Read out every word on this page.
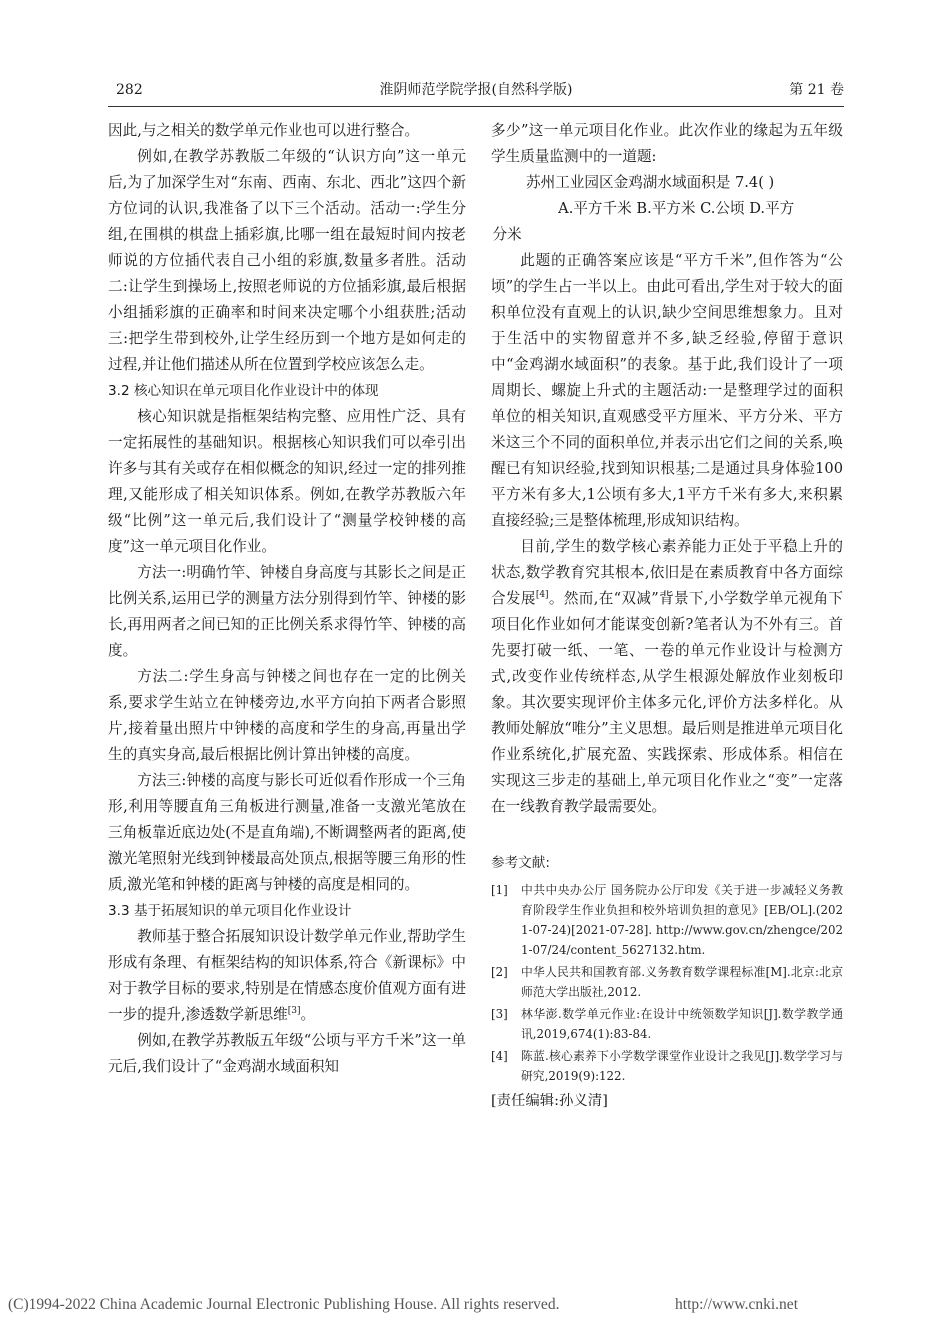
282	淮阴师范学院学报(自然科学版)	第 21 卷

因此,与之相关的数学单元作业也可以进行整合。

例如,在教学苏教版二年级的“认识方向”这一单元后,为了加深学生对“东南、西南、东北、西北”这四个新方位词的认识,我准备了以下三个活动。活动一:学生分组,在围棋的棋盘上插彩旗,比哪一组在最短时间内按老师说的方位插代表自己小组的彩旗,数量多者胜。活动二:让学生到操场上,按照老师说的方位插彩旗,最后根据小组插彩旗的正确率和时间来决定哪个小组获胜;活动三:把学生带到校外,让学生经历到一个地方是如何走的过程,并让他们描述从所在位置到学校应该怎么走。

3.2 核心知识在单元项目化作业设计中的体现

核心知识就是指框架结构完整、应用性广泛、具有一定拓展性的基础知识。根据核心知识我们可以牵引出许多与其有关或存在相似概念的知识,经过一定的排列推理,又能形成了相关知识体系。例如,在教学苏教版六年级“比例”这一单元后,我们设计了“测量学校钟楼的高度”这一单元项目化作业。

方法一:明确竹竿、钟楼自身高度与其影长之间是正比例关系,运用已学的测量方法分别得到竹竿、钟楼的影长,再用两者之间已知的正比例关系求得竹竿、钟楼的高度。

方法二:学生身高与钟楼之间也存在一定的比例关系,要求学生站立在钟楼旁边,水平方向拍下两者合影照片,接着量出照片中钟楼的高度和学生的身高,再量出学生的真实身高,最后根据比例计算出钟楼的高度。

方法三:钟楼的高度与影长可近似看作形成一个三角形,利用等腰直角三角板进行测量,准备一支激光笔放在三角板靠近底边处(不是直角端),不断调整两者的距离,使激光笔照射光线到钟楼最高处顶点,根据等腰三角形的性质,激光笔和钟楼的距离与钟楼的高度是相同的。

3.3 基于拓展知识的单元项目化作业设计

教师基于整合拓展知识设计数学单元作业,帮助学生形成有条理、有框架结构的知识体系,符合《新课标》中对于教学目标的要求,特别是在情感态度价值观方面有进一步的提升,渗透数学新思维[3]。

例如,在教学苏教版五年级“公顷与平方千米”这一单元后,我们设计了“金鸡湖水域面积知

多少”这一单元项目化作业。此次作业的缘起为五年级学生质量监测中的一道题:

苏州工业园区金鸡湖水域面积是 7.4( )

A.平方千米 B.平方米 C.公顷 D.平方

分米

此题的正确答案应该是“平方千米”,但作答为“公顷”的学生占一半以上。由此可看出,学生对于较大的面积单位没有直观上的认识,缺少空间思维想象力。且对于生活中的实物留意并不多,缺乏经验,停留于意识中“金鸡湖水域面积”的表象。基于此,我们设计了一项周期长、螺旋上升式的主题活动:一是整理学过的面积单位的相关知识,直观感受平方厘米、平方分米、平方米这三个不同的面积单位,并表示出它们之间的关系,唤醒已有知识经验,找到知识根基;二是通过具身体验100平方米有多大,1公顷有多大,1平方千米有多大,来积累直接经验;三是整体梳理,形成知识结构。

目前,学生的数学核心素养能力正处于平稳上升的状态,数学教育究其根本,依旧是在素质教育中各方面综合发展[4]。然而,在“双减”背景下,小学数学单元视角下项目化作业如何才能谋变创新?笔者认为不外有三。首先要打破一纸、一笔、一卷的单元作业设计与检测方式,改变作业传统样态,从学生根源处解放作业刻板印象。其次要实现评价主体多元化,评价方法多样化。从教师处解放“唯分”主义思想。最后则是推进单元项目化作业系统化,扩展充盈、实践探索、形成体系。相信在实现这三步走的基础上,单元项目化作业之“变”一定落在一线教育教学最需要处。

参考文献:

[1] 中共中央办公厅 国务院办公厅印发《关于进一步减轻义务教育阶段学生作业负担和校外培训负担的意见》[EB/OL].(2021-07-24)[2021-07-28]. http://www.gov.cn/zhengce/2021-07/24/content_5627132.htm.
[2] 中华人民共和国教育部.义务教育数学课程标准[M].北京:北京师范大学出版社,2012.
[3] 林华澎.数学单元作业:在设计中统领数学知识[J].数学教学通讯,2019,674(1):83-84.
[4] 陈蓝.核心素养下小学数学课堂作业设计之我见[J].数学学习与研究,2019(9):122.

[责任编辑:孙义清]

(C)1994-2022 China Academic Journal Electronic Publishing House. All rights reserved.	http://www.cnki.net
